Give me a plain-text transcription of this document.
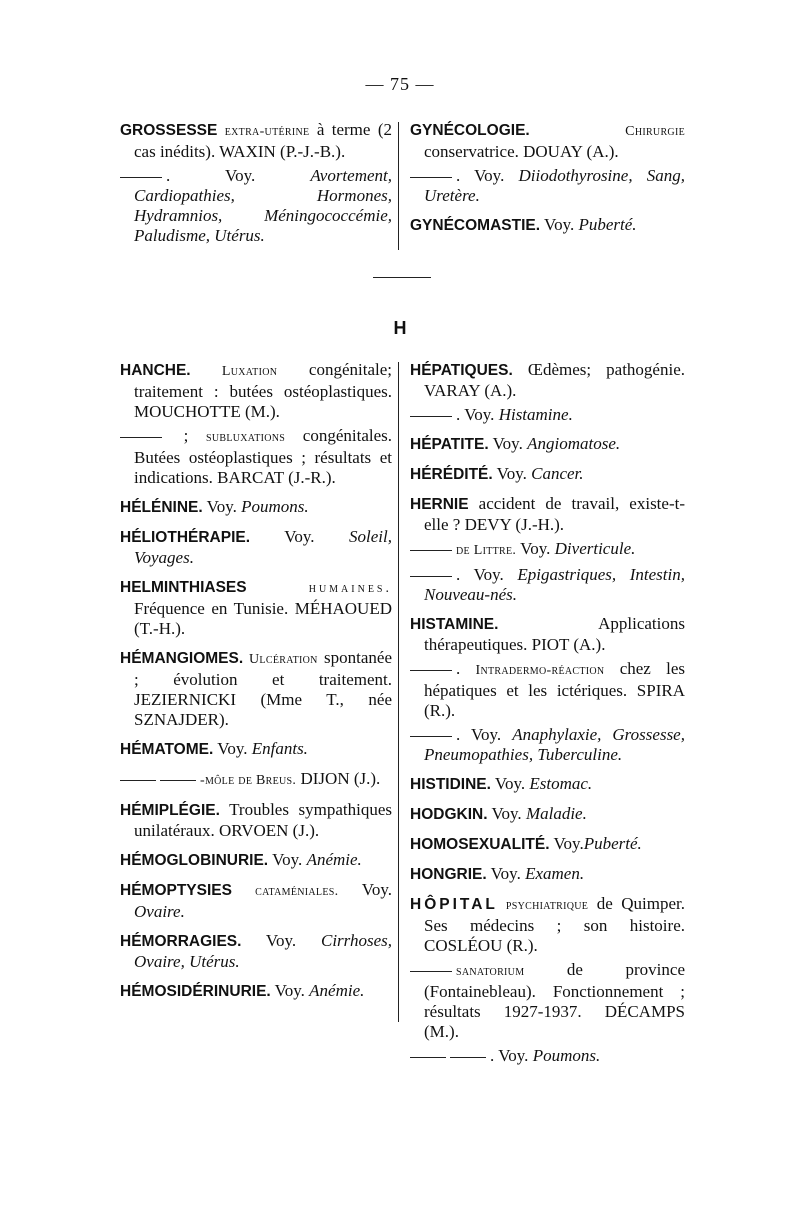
— 75 —

GROSSESSE extra-utérine à terme (2 cas inédits). WAXIN (P.-J.-B.).

. Voy. Avortement, Cardiopathies, Hormones, Hydramnios, Méningococcémie, Paludisme, Utérus.

GYNÉCOLOGIE. Chirurgie conservatrice. DOUAY (A.).

. Voy. Diiodothyrosine, Sang, Uretère.

GYNÉCOMASTIE. Voy. Puberté.

H

HANCHE. Luxation congénitale; traitement : butées ostéoplastiques. MOUCHOTTE (M.).

; subluxations congénitales. Butées ostéoplastiques ; résultats et indications. BARCAT (J.-R.).

HÉLÉNINE. Voy. Poumons.

HÉLIOTHÉRAPIE. Voy. Soleil, Voyages.

HELMINTHIASES humaines. Fréquence en Tunisie. MÉHAOUED (T.-H.).

HÉMANGIOMES. Ulcération spontanée ; évolution et traitement. JEZIERNICKI (Mme T., née SZNAJDER).

HÉMATOME. Voy. Enfants.

-môle de Breus. DIJON (J.).

HÉMIPLÉGIE. Troubles sympathiques unilatéraux. ORVOEN (J.).

HÉMOGLOBINURIE. Voy. Anémie.

HÉMOPTYSIES cataméniales. Voy. Ovaire.

HÉMORRAGIES. Voy. Cirrhoses, Ovaire, Utérus.

HÉMOSIDÉRINURIE. Voy. Anémie.

HÉPATIQUES. Œdèmes; pathogénie. VARAY (A.).

. Voy. Histamine.

HÉPATITE. Voy. Angiomatose.

HÉRÉDITÉ. Voy. Cancer.

HERNIE accident de travail, existe-t-elle ? DEVY (J.-H.).

de Littre. Voy. Diverticule.

. Voy. Epigastriques, Intestin, Nouveau-nés.

HISTAMINE. Applications thérapeutiques. PIOT (A.).

. Intradermo-réaction chez les hépatiques et les ictériques. SPIRA (R.).

. Voy. Anaphylaxie, Grossesse, Pneumopathies, Tuberculine.

HISTIDINE. Voy. Estomac.

HODGKIN. Voy. Maladie.

HOMOSEXUALITÉ. Voy.Puberté.

HONGRIE. Voy. Examen.

HÔPITAL psychiatrique de Quimper. Ses médecins ; son histoire. COSLÉOU (R.).

sanatorium de province (Fontainebleau). Fonctionnement ; résultats 1927-1937. DÉCAMPS (M.).

. Voy. Poumons.
